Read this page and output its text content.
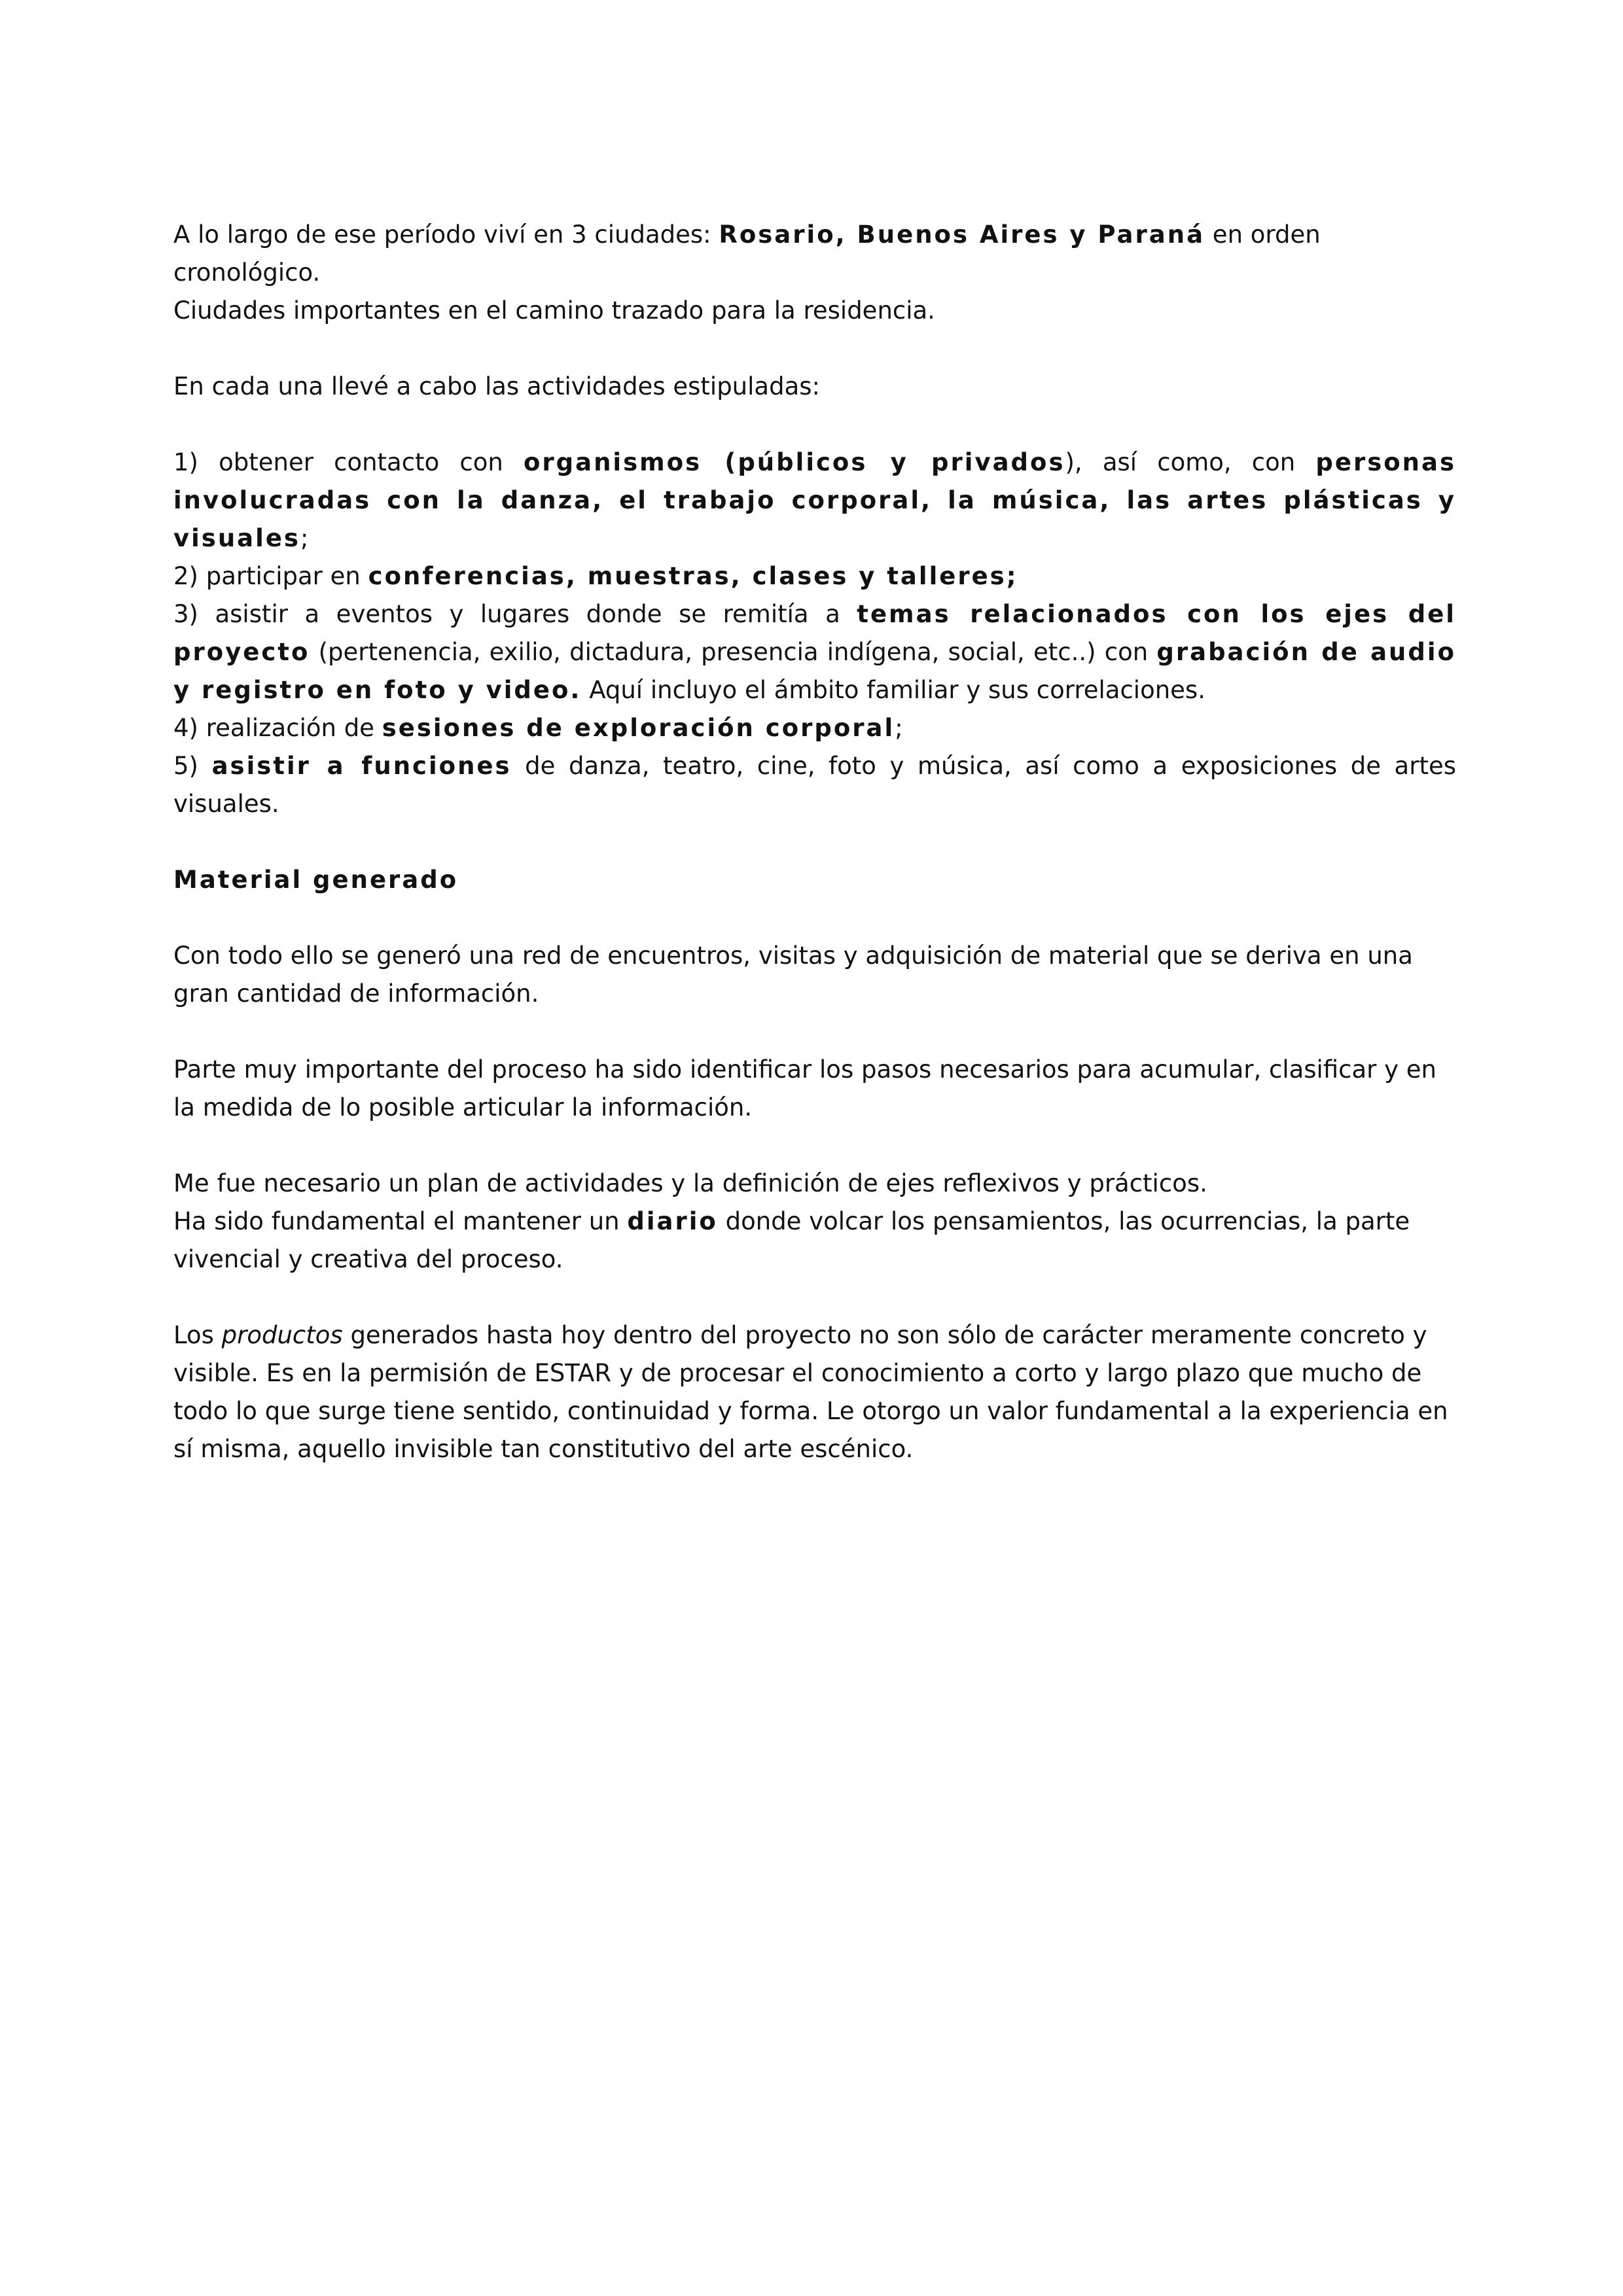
A lo largo de ese período viví en 3 ciudades: Rosario, Buenos Aires y Paraná en orden cronológico.
Ciudades importantes en el camino trazado para la residencia.

En cada una llevé a cabo las actividades estipuladas:

1) obtener contacto con organismos (públicos y privados), así como, con personas involucradas con la danza, el trabajo corporal, la música, las artes plásticas y visuales;

2) participar en conferencias, muestras, clases y talleres;

3) asistir a eventos y lugares donde se remitía a temas relacionados con los ejes del proyecto (pertenencia, exilio, dictadura, presencia indígena, social, etc..) con grabación de audio y registro en foto y video. Aquí incluyo el ámbito familiar y sus correlaciones.

4) realización de sesiones de exploración corporal;

5) asistir a funciones de danza, teatro, cine, foto y música, así como a exposiciones de artes visuales.

Material generado

Con todo ello se generó una red de encuentros, visitas y adquisición de material que se deriva en una gran cantidad de información.

Parte muy importante del proceso ha sido identificar los pasos necesarios para acumular, clasificar y en la medida de lo posible articular la información.

Me fue necesario un plan de actividades y la definición de ejes reflexivos y prácticos.
Ha sido fundamental el mantener un diario donde volcar los pensamientos, las ocurrencias, la parte vivencial y creativa del proceso.

Los productos generados hasta hoy dentro del proyecto no son sólo de carácter meramente concreto y visible. Es en la permisión de ESTAR y de procesar el conocimiento a corto y largo plazo que mucho de todo lo que surge tiene sentido, continuidad y forma. Le otorgo un valor fundamental a la experiencia en sí misma, aquello invisible tan constitutivo del arte escénico.
